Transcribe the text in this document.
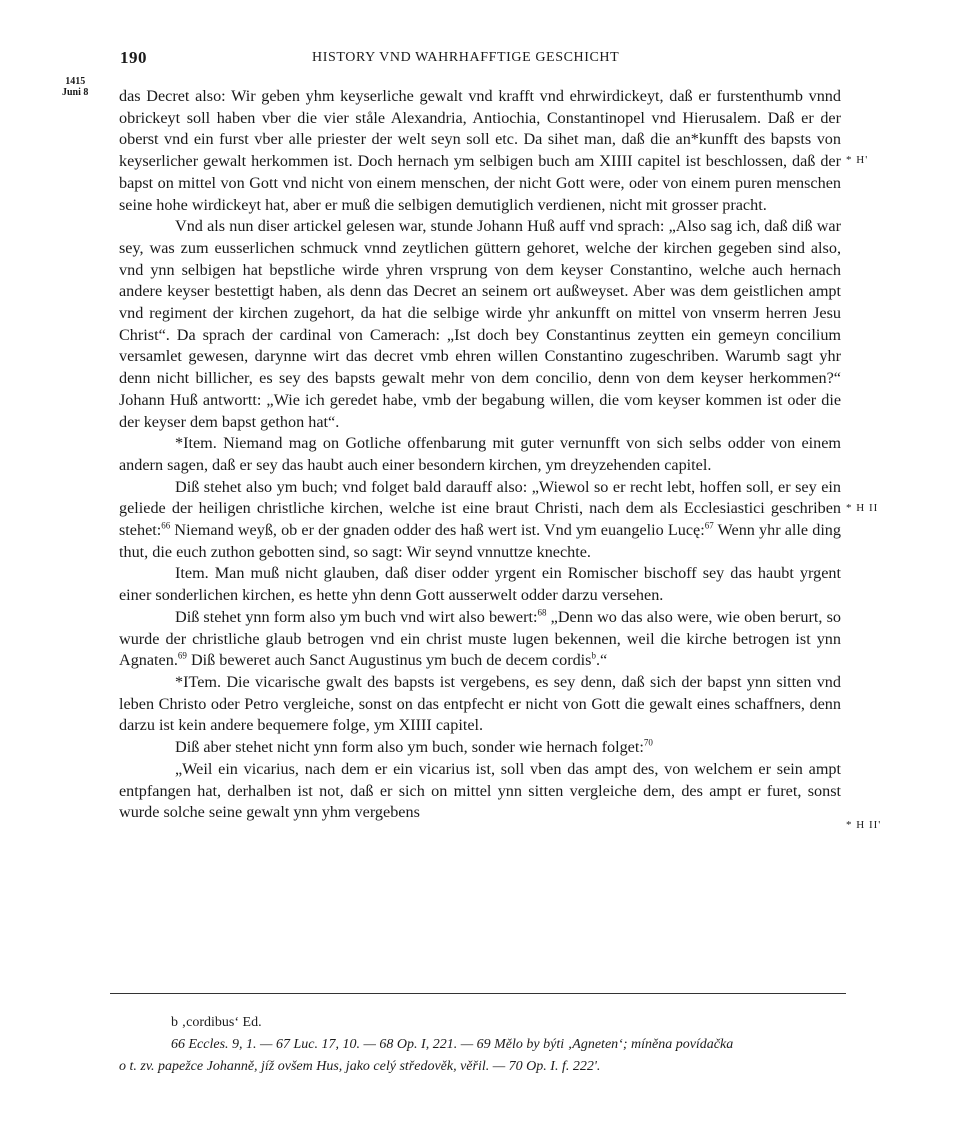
190	HISTORY VND WAHRHAFFTIGE GESCHICHT
1415
Juni 8
* H'
* H II
* H II'

das Decret also: Wir geben yhm keyserliche gewalt vnd krafft vnd ehrwirdickeyt, daß er furstenthumb vnnd obrickeyt soll haben vber die vier ståle Alexandria, Antiochia, Constantinopel vnd Hierusalem. Daß er der oberst vnd ein furst vber alle priester der welt seyn soll etc. Da sihet man, daß die an*kunfft des bapsts von keyserlicher gewalt herkommen ist. Doch hernach ym selbigen buch am XIIII capitel ist beschlossen, daß der bapst on mittel von Gott vnd nicht von einem menschen, der nicht Gott were, oder von einem puren menschen seine hohe wirdickeyt hat, aber er muß die selbigen demutiglich verdienen, nicht mit grosser pracht.

Vnd als nun diser artickel gelesen war, stunde Johann Huß auff vnd sprach: „Also sag ich, daß diß war sey, was zum eusserlichen schmuck vnnd zeytlichen güttern gehoret, welche der kirchen gegeben sind also, vnd ynn selbigen hat bepstliche wirde yhren vrsprung von dem keyser Constantino, welche auch hernach andere keyser bestettigt haben, als denn das Decret an seinem ort außweyset. Aber was dem geistlichen ampt vnd regiment der kirchen zugehort, da hat die selbige wirde yhr ankunfft on mittel von vnserm herren Jesu Christ“. Da sprach der cardinal von Camerach: „Ist doch bey Constantinus zeytten ein gemeyn concilium versamlet gewesen, darynne wirt das decret vmb ehren willen Constantino zugeschriben. Warumb sagt yhr denn nicht billicher, es sey des bapsts gewalt mehr von dem concilio, denn von dem keyser herkommen?“ Johann Huß antwortt: „Wie ich geredet habe, vmb der begabung willen, die vom keyser kommen ist oder die der keyser dem bapst gethon hat“.

*Item. Niemand mag on Gotliche offenbarung mit guter vernunfft von sich selbs odder von einem andern sagen, daß er sey das haubt auch einer besondern kirchen, ym dreyzehenden capitel.

Diß stehet also ym buch; vnd folget bald darauff also: „Wiewol so er recht lebt, hoffen soll, er sey ein geliede der heiligen christliche kirchen, welche ist eine braut Christi, nach dem als Ecclesiastici geschriben stehet:$^{66}$ Niemand weyß, ob er der gnaden odder des haß wert ist. Vnd ym euangelio Lucę:$^{67}$ Wenn yhr alle ding thut, die euch zuthon gebotten sind, so sagt: Wir seynd vnnuttze knechte.

Item. Man muß nicht glauben, daß diser odder yrgent ein Romischer bischoff sey das haubt yrgent einer sonderlichen kirchen, es hette yhn denn Gott ausserwelt odder darzu versehen.

Diß stehet ynn form also ym buch vnd wirt also bewert:$^{68}$ „Denn wo das also were, wie oben berurt, so wurde der christliche glaub betrogen vnd ein christ muste lugen bekennen, weil die kirche betrogen ist ynn Agnaten.$^{69}$ Diß beweret auch Sanct Augustinus ym buch de decem cordis$^b$.“

*ITem. Die vicarische gwalt des bapsts ist vergebens, es sey denn, daß sich der bapst ynn sitten vnd leben Christo oder Petro vergleiche, sonst on das entpfecht er nicht von Gott die gewalt eines schaffners, denn darzu ist kein andere bequemere folge, ym XIIII capitel.

Diß aber stehet nicht ynn form also ym buch, sonder wie hernach folget:$^{70}$

„Weil ein vicarius, nach dem er ein vicarius ist, soll vben das ampt des, von welchem er sein ampt entpfangen hat, derhalben ist not, daß er sich on mittel ynn sitten vergleiche dem, des ampt er furet, sonst wurde solche seine gewalt ynn yhm vergebens

b ‚cordibus‘ Ed.

66 Eccles. 9, 1. — 67 Luc. 17, 10. — 68 Op. I, 221. — 69 Mělo by býti ‚Agneten‘; míněna povídačka

o t. zv. papežce Johanně, jíž ovšem Hus, jako celý středověk, věřil. — 70 Op. I. f. 222'.
